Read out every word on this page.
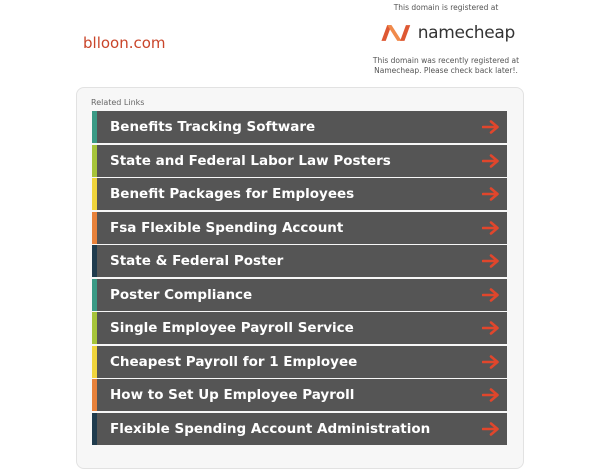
blloon.com
This domain is registered at
namecheap
This domain was recently registered at Namecheap. Please check back later!.
Related Links
Benefits Tracking Software
State and Federal Labor Law Posters
Benefit Packages for Employees
Fsa Flexible Spending Account
State & Federal Poster
Poster Compliance
Single Employee Payroll Service
Cheapest Payroll for 1 Employee
How to Set Up Employee Payroll
Flexible Spending Account Administration
